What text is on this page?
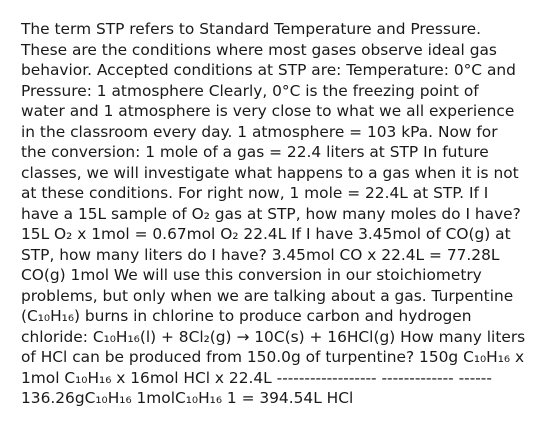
The term STP refers to Standard Temperature and Pressure.
These are the conditions where most gases observe ideal gas
behavior. Accepted conditions at STP are: Temperature: 0°C and
Pressure: 1 atmosphere Clearly, 0°C is the freezing point of
water and 1 atmosphere is very close to what we all experience
in the classroom every day. 1 atmosphere = 103 kPa. Now for
the conversion: 1 mole of a gas = 22.4 liters at STP In future
classes, we will investigate what happens to a gas when it is not
at these conditions. For right now, 1 mole = 22.4L at STP. If I
have a 15L sample of O₂ gas at STP, how many moles do I have?
15L O₂ x 1mol = 0.67mol O₂ 22.4L If I have 3.45mol of CO(g) at
STP, how many liters do I have? 3.45mol CO x 22.4L = 77.28L
CO(g) 1mol We will use this conversion in our stoichiometry
problems, but only when we are talking about a gas. Turpentine
(C₁₀H₁₆) burns in chlorine to produce carbon and hydrogen
chloride: C₁₀H₁₆(l) + 8Cl₂(g) → 10C(s) + 16HCl(g) How many liters
of HCl can be produced from 150.0g of turpentine? 150g C₁₀H₁₆ x
1mol C₁₀H₁₆ x 16mol HCl x 22.4L ------------------ ------------- ------
136.26gC₁₀H₁₆ 1molC₁₀H₁₆ 1 = 394.54L HCl
